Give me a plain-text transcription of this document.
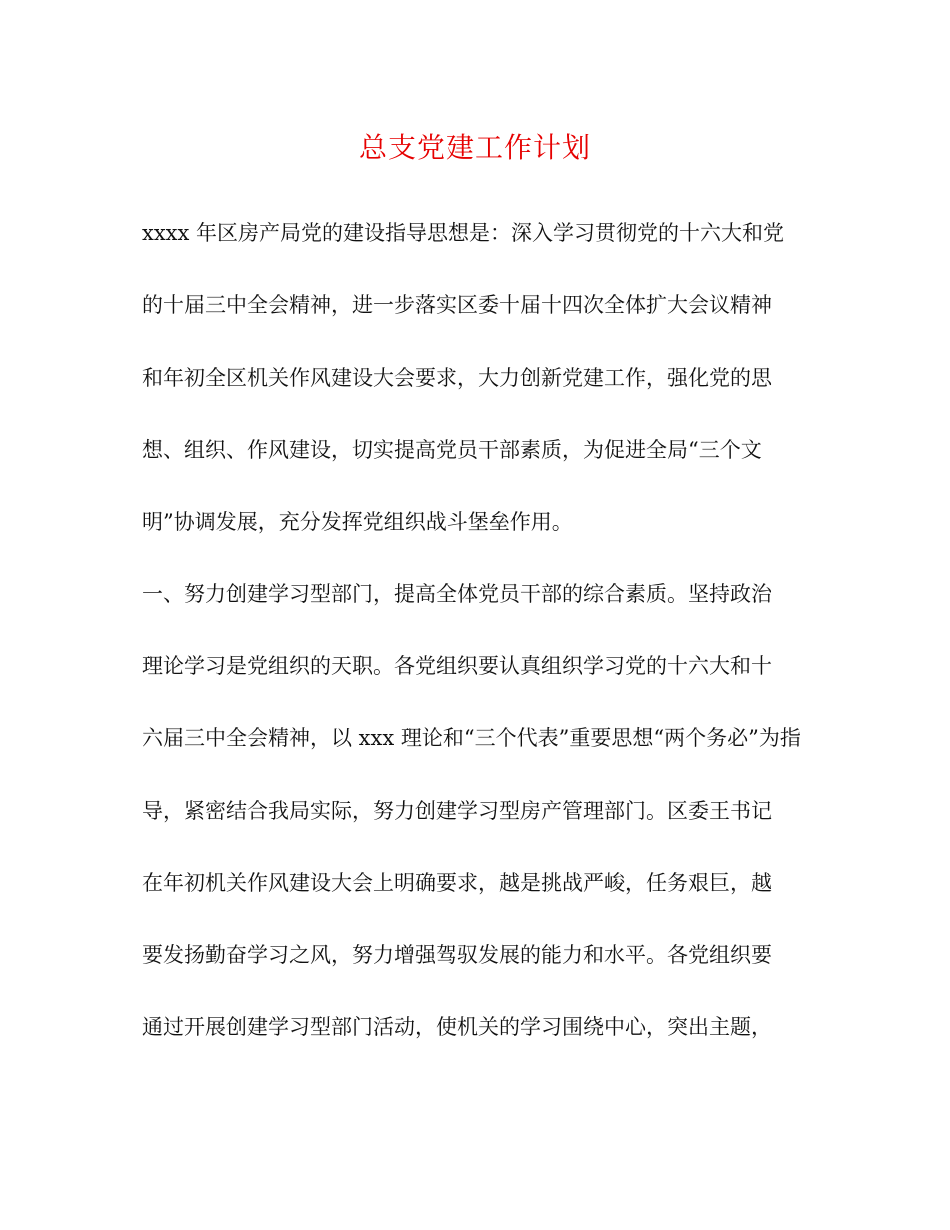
总支党建工作计划
xxxx 年区房产局党的建设指导思想是：深入学习贯彻党的十六大和党
的十届三中全会精神，进一步落实区委十届十四次全体扩大会议精神
和年初全区机关作风建设大会要求，大力创新党建工作，强化党的思
想、组织、作风建设，切实提高党员干部素质，为促进全局“三个文
明”协调发展，充分发挥党组织战斗堡垒作用。
一、努力创建学习型部门，提高全体党员干部的综合素质。坚持政治
理论学习是党组织的天职。各党组织要认真组织学习党的十六大和十
六届三中全会精神，以 xxx 理论和“三个代表”重要思想“两个务必”为指
导，紧密结合我局实际，努力创建学习型房产管理部门。区委王书记
在年初机关作风建设大会上明确要求，越是挑战严峻，任务艰巨，越
要发扬勤奋学习之风，努力增强驾驭发展的能力和水平。各党组织要
通过开展创建学习型部门活动，使机关的学习围绕中心，突出主题，
